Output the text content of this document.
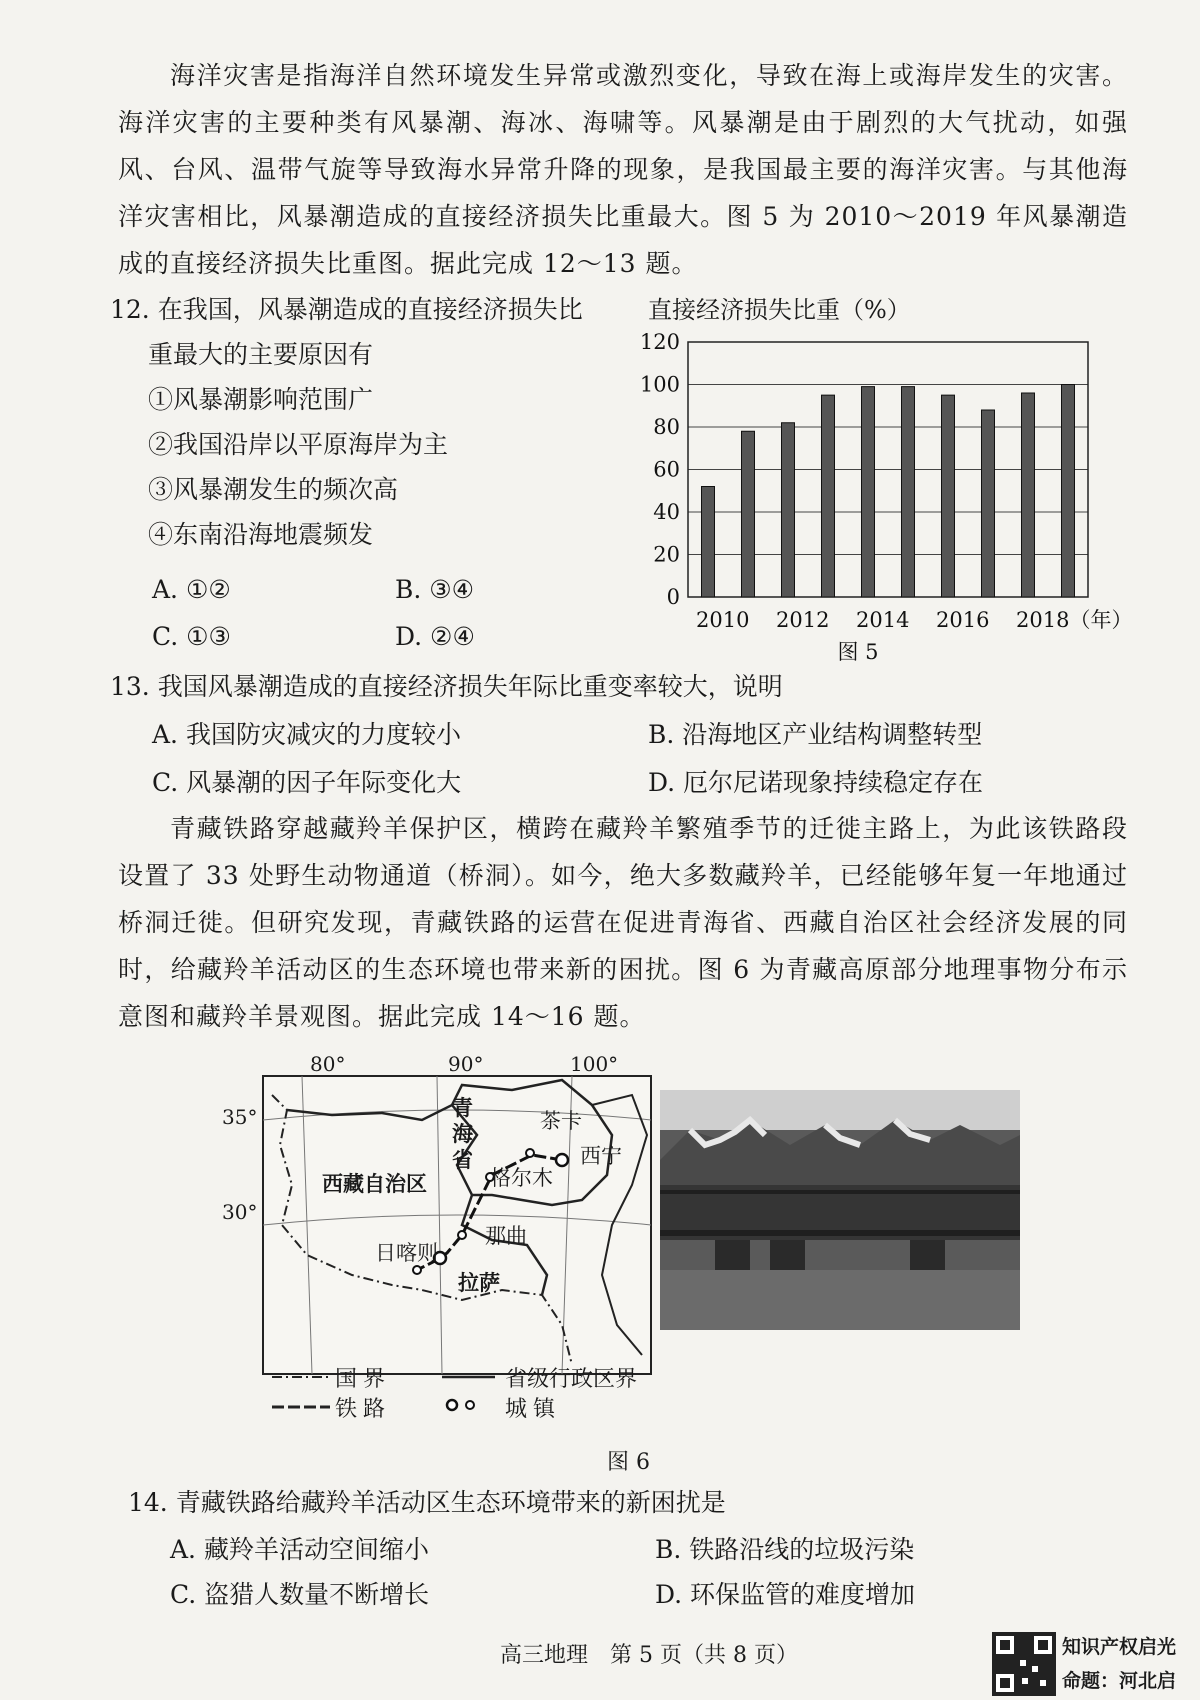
海洋灾害是指海洋自然环境发生异常或激烈变化，导致在海上或海岸发生的灾害。海洋灾害的主要种类有风暴潮、海冰、海啸等。风暴潮是由于剧烈的大气扰动，如强风、台风、温带气旋等导致海水异常升降的现象，是我国最主要的海洋灾害。与其他海洋灾害相比，风暴潮造成的直接经济损失比重最大。图 5 为 2010～2019 年风暴潮造成的直接经济损失比重图。据此完成 12～13 题。

12. 在我国，风暴潮造成的直接经济损失比
重最大的主要原因有
①风暴潮影响范围广
②我国沿岸以平原海岸为主
③风暴潮发生的频次高
④东南沿海地震频发
A. ①②	B. ③④
C. ①③	D. ②④
直接经济损失比重（%）
0
20
40
60
80
100
120
2010 2012 2014 2016 2018（年）
图 5
13. 我国风暴潮造成的直接经济损失年际比重变率较大，说明
A. 我国防灾减灾的力度较小	B. 沿海地区产业结构调整转型
C. 风暴潮的因子年际变化大	D. 厄尔尼诺现象持续稳定存在

青藏铁路穿越藏羚羊保护区，横跨在藏羚羊繁殖季节的迁徙主路上，为此该铁路段设置了 33 处野生动物通道（桥洞）。如今，绝大多数藏羚羊，已经能够年复一年地通过桥洞迁徙。但研究发现，青藏铁路的运营在促进青海省、西藏自治区社会经济发展的同时，给藏羚羊活动区的生态环境也带来新的困扰。图 6 为青藏高原部分地理事物分布示意图和藏羚羊景观图。据此完成 14～16 题。

80°	90°	100°
35°
30°
西藏自治区
青海省
格尔木
茶卡
西宁
那曲
日喀则
拉萨
国界
铁路
省级行政区界
城镇
图 6
14. 青藏铁路给藏羚羊活动区生态环境带来的新困扰是
A. 藏羚羊活动空间缩小	B. 铁路沿线的垃圾污染
C. 盗猎人数量不断增长	D. 环保监管的难度增加
高三地理　第 5 页（共 8 页）	知识产权启光
命题：河北启
